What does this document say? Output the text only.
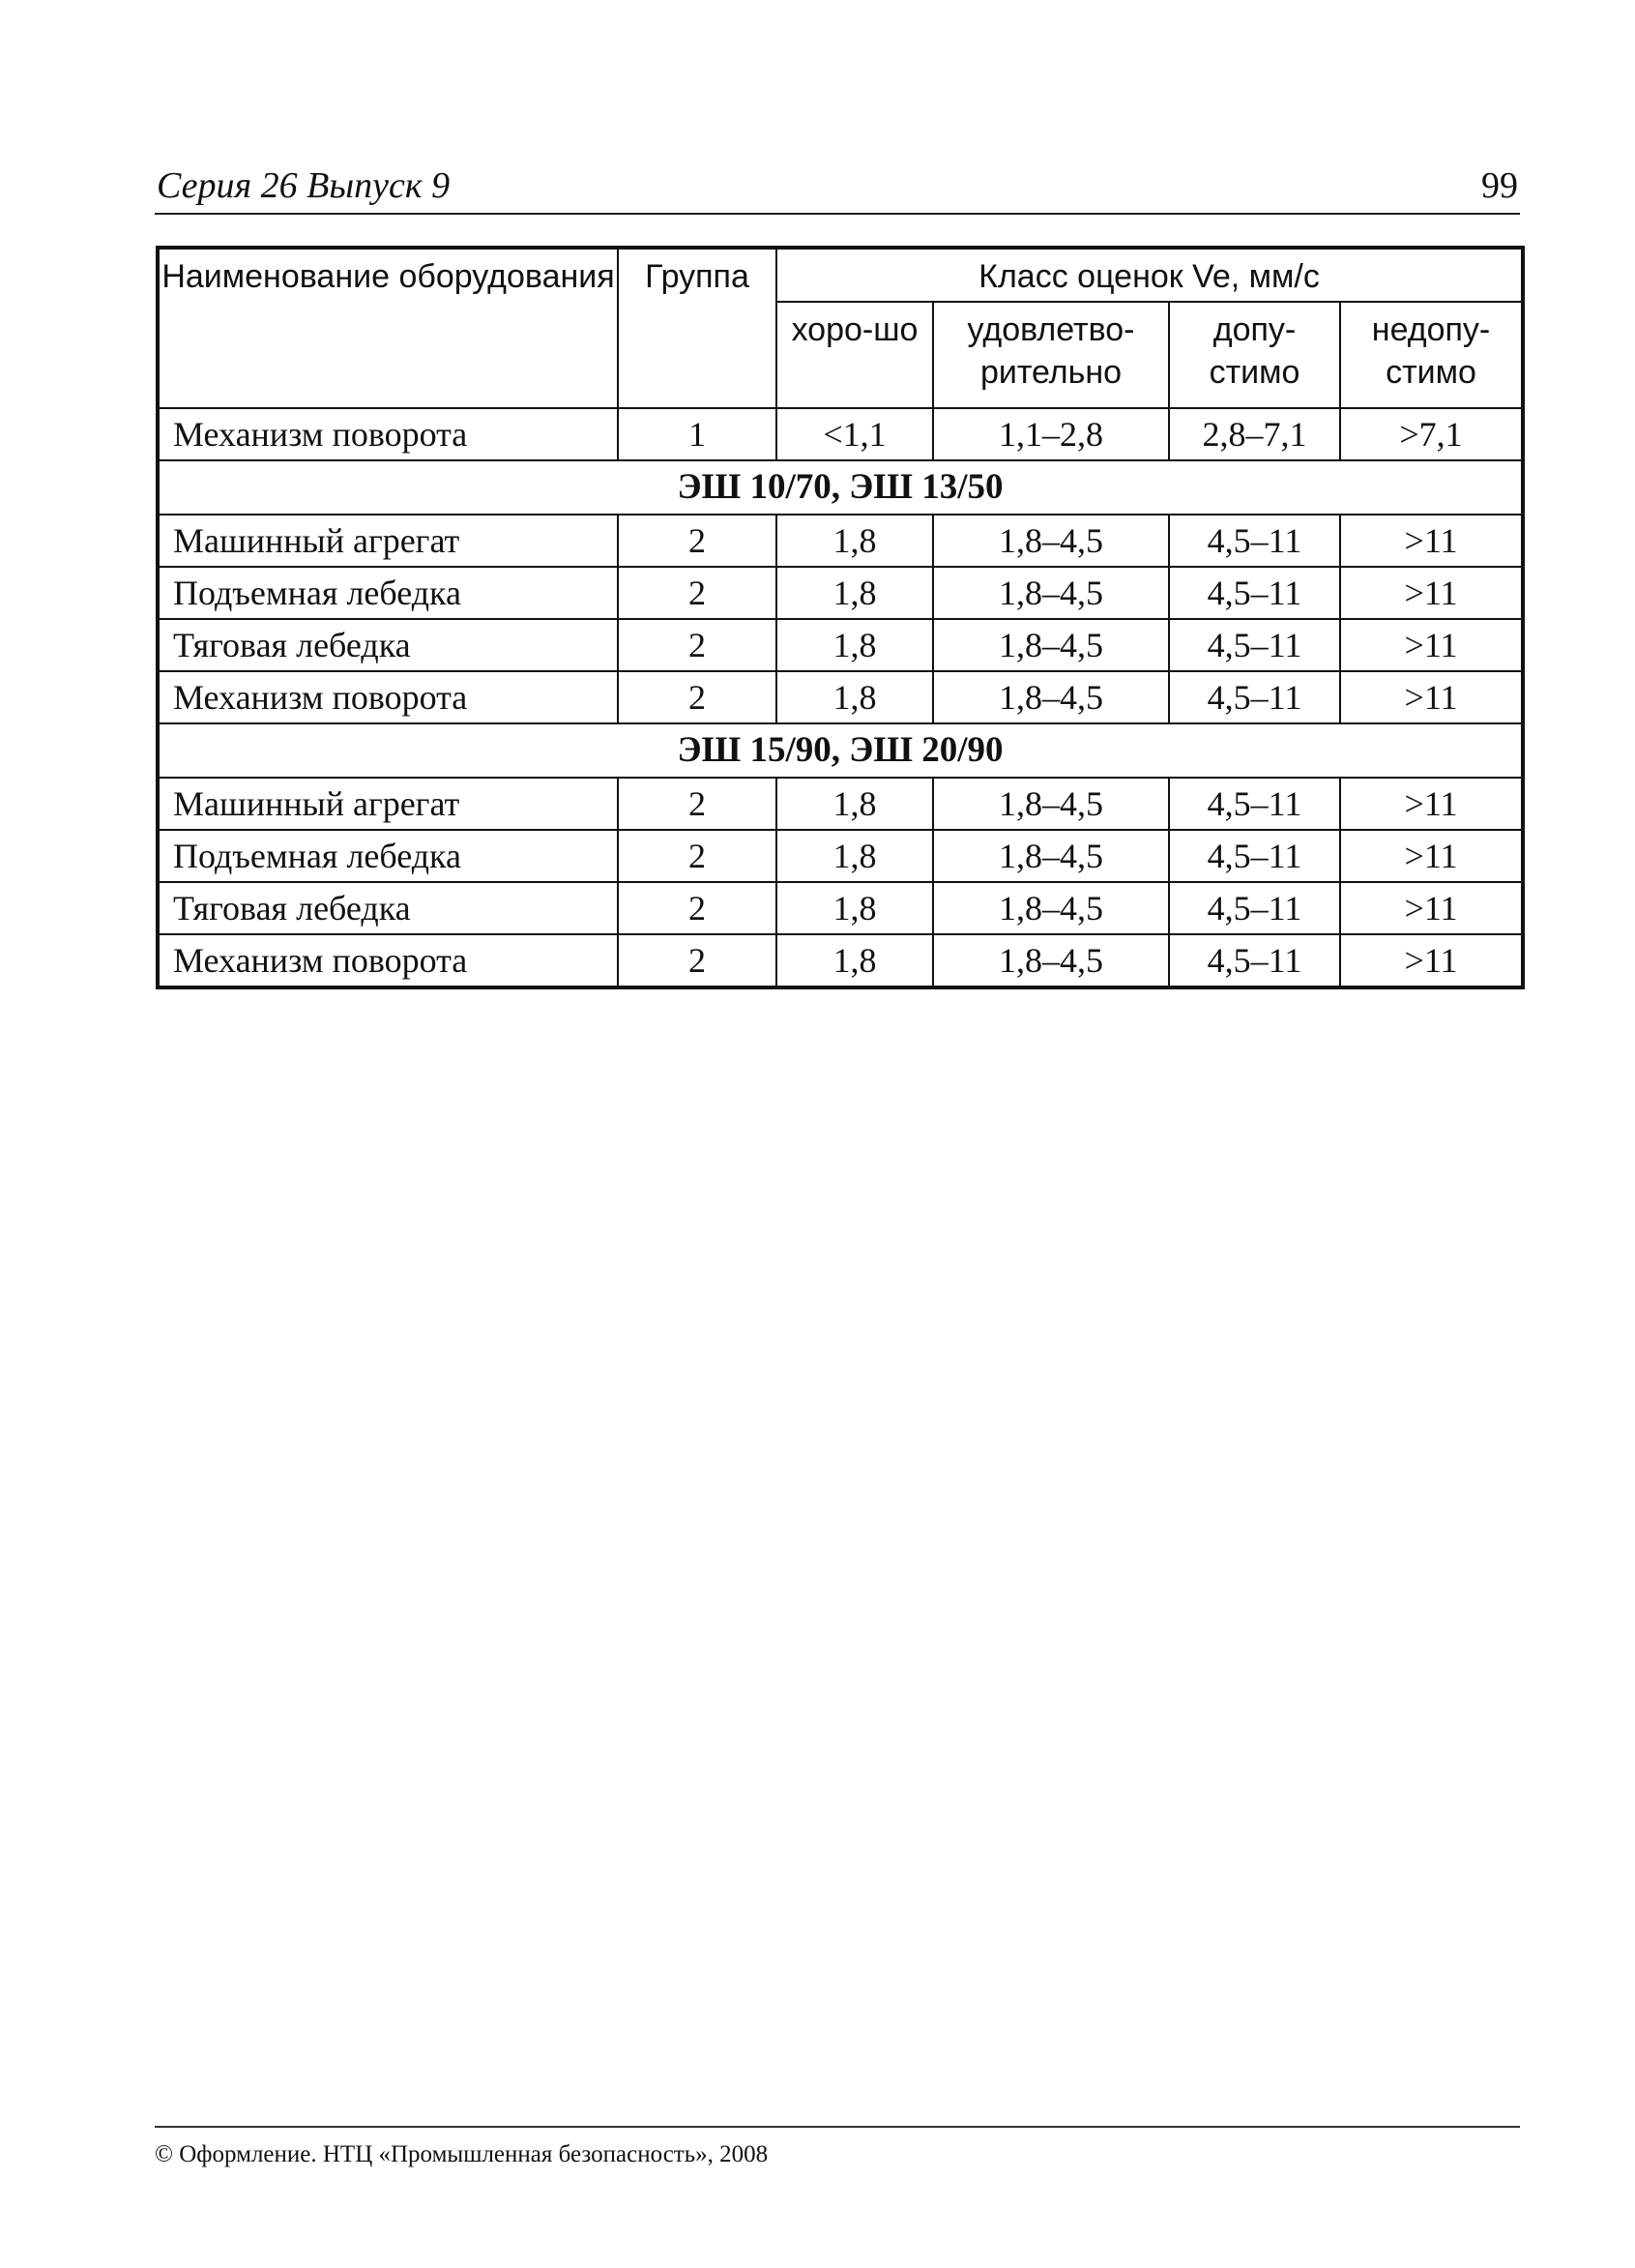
Серия 26 Выпуск 9	99
Наименование оборудования	Группа	Класс оценок Ve, мм/с			
		хоро-шо	удовлетво-рительно	допу-стимо	недопу-стимо
Механизм поворота	1	<1,1	1,1–2,8	2,8–7,1	>7,1
ЭШ 10/70, ЭШ 13/50					
Машинный агрегат	2	1,8	1,8–4,5	4,5–11	>11
Подъемная лебедка	2	1,8	1,8–4,5	4,5–11	>11
Тяговая лебедка	2	1,8	1,8–4,5	4,5–11	>11
Механизм поворота	2	1,8	1,8–4,5	4,5–11	>11
ЭШ 15/90, ЭШ 20/90					
Машинный агрегат	2	1,8	1,8–4,5	4,5–11	>11
Подъемная лебедка	2	1,8	1,8–4,5	4,5–11	>11
Тяговая лебедка	2	1,8	1,8–4,5	4,5–11	>11
Механизм поворота	2	1,8	1,8–4,5	4,5–11	>11
© Оформление. НТЦ «Промышленная безопасность», 2008
